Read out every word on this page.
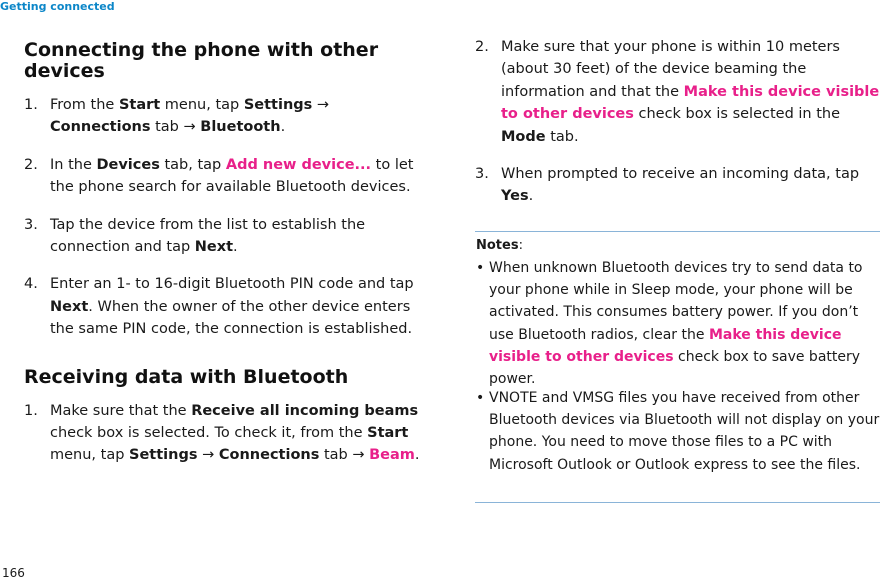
Getting connected
Connecting the phone with other devices
1. From the Start menu, tap Settings → Connections tab → Bluetooth.
2. In the Devices tab, tap Add new device... to let the phone search for available Bluetooth devices.
3. Tap the device from the list to establish the connection and tap Next.
4. Enter an 1- to 16-digit Bluetooth PIN code and tap Next. When the owner of the other device enters the same PIN code, the connection is established.
Receiving data with Bluetooth
1. Make sure that the Receive all incoming beams check box is selected. To check it, from the Start menu, tap Settings → Connections tab → Beam.
2. Make sure that your phone is within 10 meters (about 30 feet) of the device beaming the information and that the Make this device visible to other devices check box is selected in the Mode tab.
3. When prompted to receive an incoming data, tap Yes.
Notes:
• When unknown Bluetooth devices try to send data to your phone while in Sleep mode, your phone will be activated. This consumes battery power. If you don’t use Bluetooth radios, clear the Make this device visible to other devices check box to save battery power.
• VNOTE and VMSG files you have received from other Bluetooth devices via Bluetooth will not display on your phone. You need to move those files to a PC with Microsoft Outlook or Outlook express to see the files.
166
